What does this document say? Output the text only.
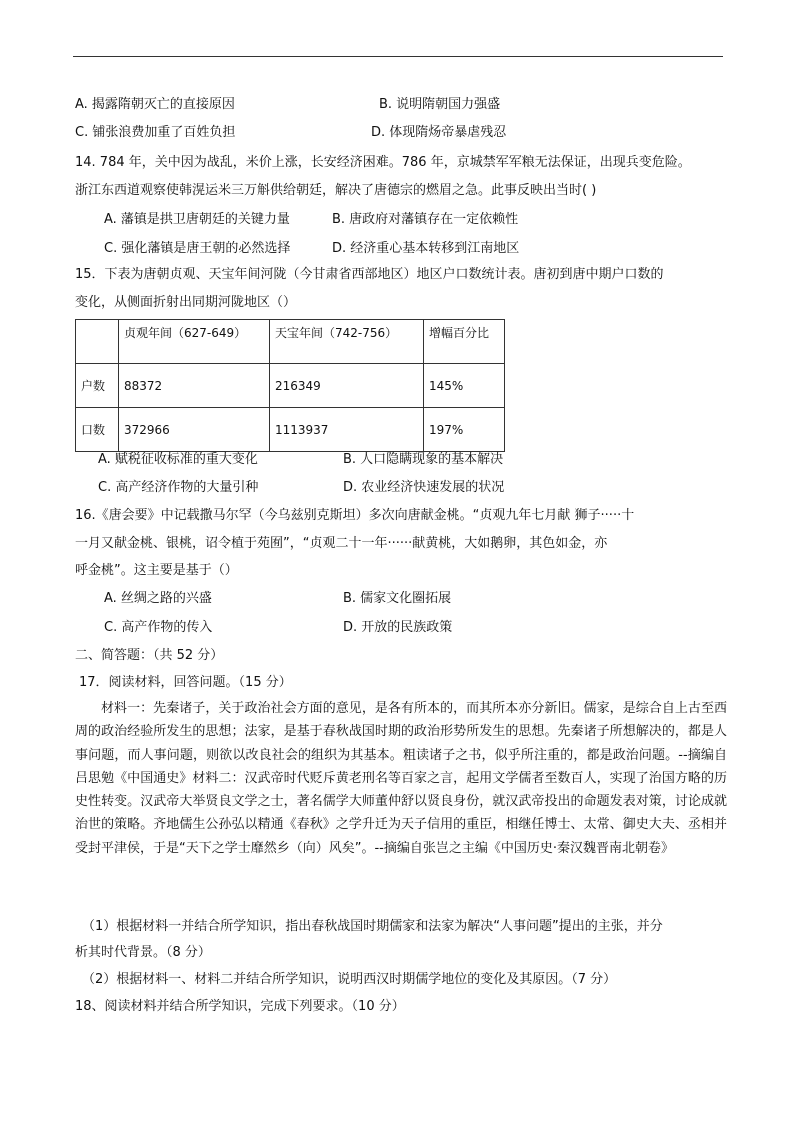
A. 揭露隋朝灭亡的直接原因	B. 说明隋朝国力强盛
C. 铺张浪费加重了百姓负担	D. 体现隋炀帝暴虐残忍
14. 784 年，关中因为战乱，米价上涨，长安经济困难。786 年，京城禁军军粮无法保证，出现兵变危险。
浙江东西道观察使韩滉运米三万斛供给朝廷，解决了唐德宗的燃眉之急。此事反映出当时( )
A. 藩镇是拱卫唐朝廷的关键力量	B. 唐政府对藩镇存在一定依赖性
C. 强化藩镇是唐王朝的必然选择	D. 经济重心基本转移到江南地区
15．下表为唐朝贞观、天宝年间河陇（今甘肃省西部地区）地区户口数统计表。唐初到唐中期户口数的
变化，从侧面折射出同期河陇地区（）
	贞观年间（627-649）	天宝年间（742-756）	增幅百分比
户数	88372	216349	145%
口数	372966	1113937	197%
A. 赋税征收标准的重大变化	B. 人口隐瞒现象的基本解决
C. 高产经济作物的大量引种	D. 农业经济快速发展的状况
16.《唐会要》中记载撒马尔罕（今乌兹别克斯坦）多次向唐献金桃。“贞观九年七月献 狮子·····十
一月又献金桃、银桃，诏令植于苑囿”，“贞观二十一年······献黄桃，大如鹅卵，其色如金，亦
呼金桃”。这主要是基于（）
A. 丝绸之路的兴盛	B. 儒家文化圈拓展
C. 高产作物的传入	D. 开放的民族政策
二、简答题：（共 52 分）
17．阅读材料，回答问题。（15 分）
材料一：先秦诸子，关于政治社会方面的意见，是各有所本的，而其所本亦分新旧。儒家，是综合自上古至西周的政治经验所发生的思想；法家，是基于春秋战国时期的政治形势所发生的思想。先秦诸子所想解决的，都是人事问题，而人事问题，则欲以改良社会的组织为其基本。粗读诸子之书，似乎所注重的，都是政治问题。--摘编自吕思勉《中国通史》材料二：汉武帝时代贬斥黄老刑名等百家之言，起用文学儒者至数百人，实现了治国方略的历史性转变。汉武帝大举贤良文学之士，著名儒学大师董仲舒以贤良身份，就汉武帝投出的命题发表对策，讨论成就治世的策略。齐地儒生公孙弘以精通《春秋》之学升迁为天子信用的重臣，相继任博士、太常、御史大夫、丞相并受封平津侯，于是“天下之学士靡然乡（向）风矣”。--摘编自张岂之主编《中国历史·秦汉魏晋南北朝卷》
（1）根据材料一并结合所学知识，指出春秋战国时期儒家和法家为解决“人事问题”提出的主张，并分
析其时代背景。（8 分）
（2）根据材料一、材料二并结合所学知识，说明西汉时期儒学地位的变化及其原因。（7 分）
18、阅读材料并结合所学知识，完成下列要求。（10 分）
